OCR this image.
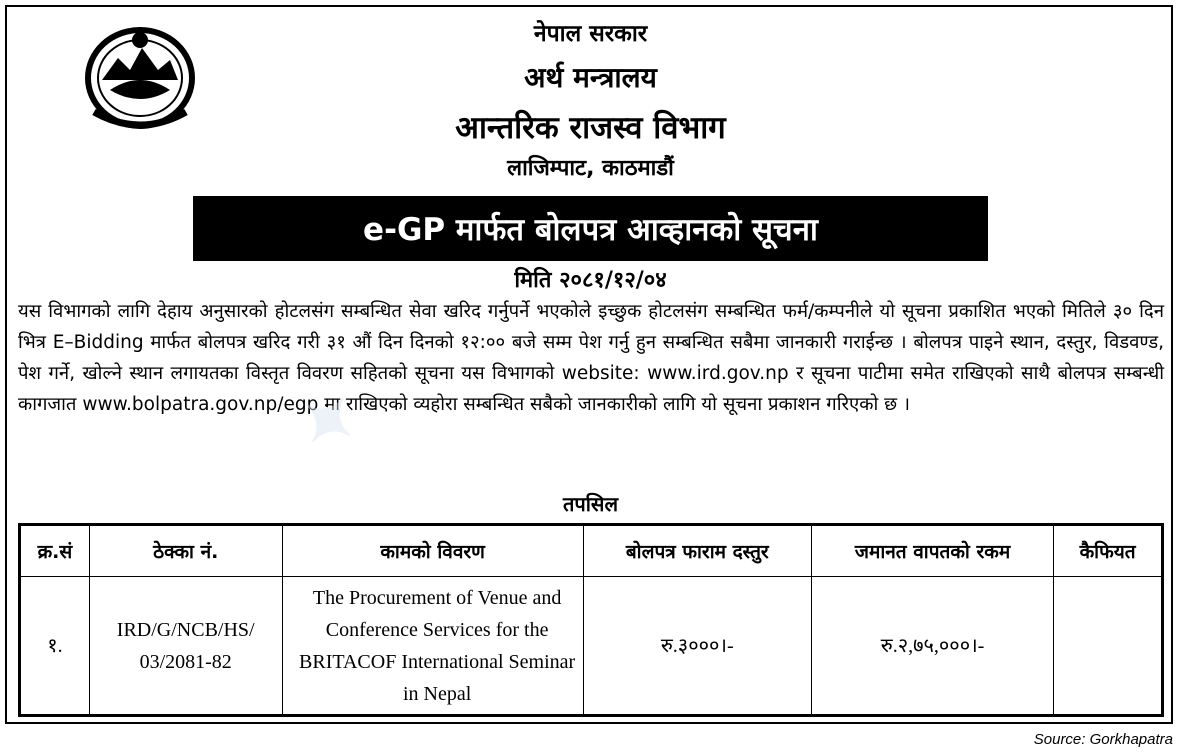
नेपाल सरकार
अर्थ मन्त्रालय
आन्तरिक राजस्व विभाग
लाजिम्पाट, काठमाडौं
e-GP मार्फत बोलपत्र आव्हानको सूचना
मिति २०८१/१२/०४
यस विभागको लागि देहाय अनुसारको होटलसंग सम्बन्धित सेवा खरिद गर्नुपर्ने भएकोले इच्छुक होटलसंग सम्बन्धित फर्म/कम्पनीले यो सूचना प्रकाशित भएको मितिले ३० दिन भित्र E–Bidding मार्फत बोलपत्र खरिद गरी ३१ औं दिन दिनको १२:०० बजे सम्म पेश गर्नु हुन सम्बन्धित सबैमा जानकारी गराईन्छ । बोलपत्र पाइने स्थान, दस्तुर, विडवण्ड, पेश गर्ने, खोल्ने स्थान लगायतका विस्तृत विवरण सहितको सूचना यस विभागको website: www.ird.gov.np र सूचना पाटीमा समेत राखिएको साथै बोलपत्र सम्बन्धी कागजात www.bolpatra.gov.np/egp मा राखिएको व्यहोरा सम्बन्धित सबैको जानकारीको लागि यो सूचना प्रकाशन गरिएको छ ।
✦
तपसिल
क्र.सं	ठेक्का नं.	कामको विवरण	बोलपत्र फाराम दस्तुर	जमानत वापतको रकम	कैफियत
१.	IRD/G/NCB/HS/ 03/2081-82	The Procurement of Venue and Conference Services for the BRITACOF International Seminar in Nepal	रु.३०००।-	रु.२,७५,०००।-	
Source: Gorkhapatra
